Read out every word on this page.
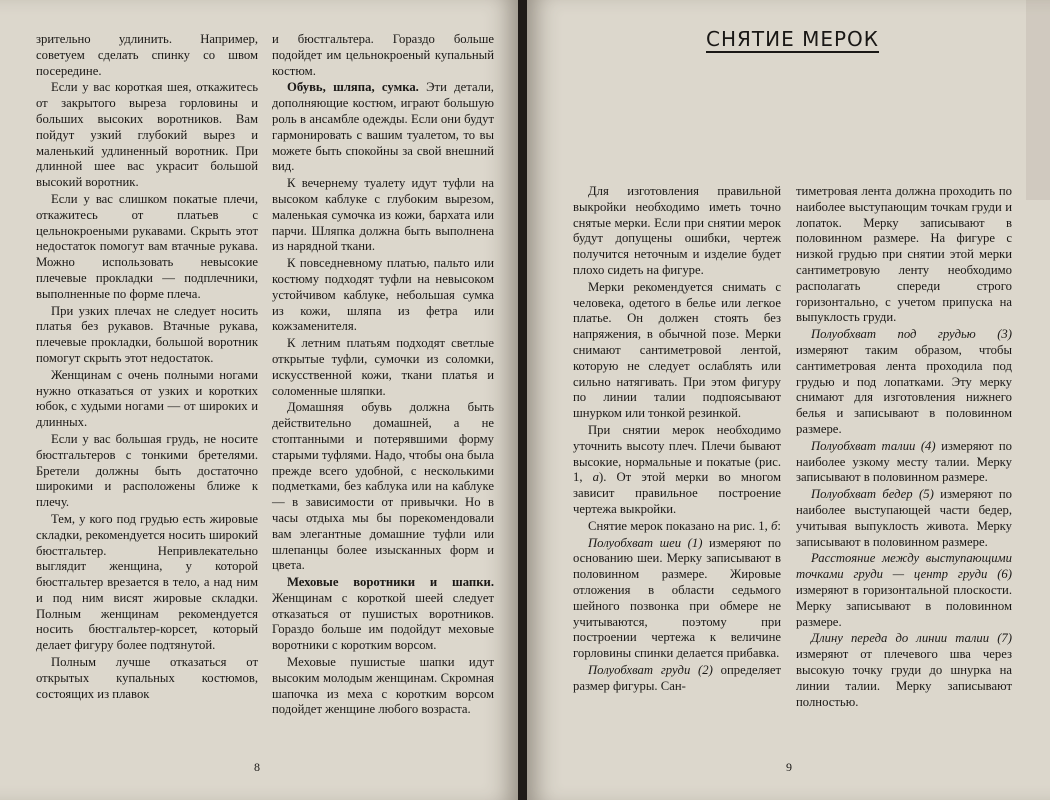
зрительно удлинить. Например, советуем сделать спинку со швом посередине.

Если у вас короткая шея, откажитесь от закрытого выреза горловины и больших высоких воротников. Вам пойдут узкий глубокий вырез и маленький удлиненный воротник. При длинной шее вас украсит большой высокий воротник.

Если у вас слишком покатые плечи, откажитесь от платьев с цельнокроеными рукавами. Скрыть этот недостаток помогут вам втачные рукава. Можно использовать невысокие плечевые прокладки — подплечники, выполненные по форме плеча.

При узких плечах не следует носить платья без рукавов. Втачные рукава, плечевые прокладки, большой воротник помогут скрыть этот недостаток.

Женщинам с очень полными ногами нужно отказаться от узких и коротких юбок, с худыми ногами — от широких и длинных.

Если у вас большая грудь, не носите бюстгальтеров с тонкими бретелями. Бретели должны быть достаточно широкими и расположены ближе к плечу.

Тем, у кого под грудью есть жировые складки, рекомендуется носить широкий бюстгальтер. Непривлекательно выглядит женщина, у которой бюстгальтер врезается в тело, а над ним и под ним висят жировые складки. Полным женщинам рекомендуется носить бюстгальтер-корсет, который делает фигуру более подтянутой.

Полным лучше отказаться от открытых купальных костюмов, состоящих из плавок

и бюстгальтера. Гораздо больше подойдет им цельнокроеный купальный костюм.

Обувь, шляпа, сумка. Эти детали, дополняющие костюм, играют большую роль в ансамбле одежды. Если они будут гармонировать с вашим туалетом, то вы можете быть спокойны за свой внешний вид.

К вечернему туалету идут туфли на высоком каблуке с глубоким вырезом, маленькая сумочка из кожи, бархата или парчи. Шляпка должна быть выполнена из нарядной ткани.

К повседневному платью, пальто или костюму подходят туфли на невысоком устойчивом каблуке, небольшая сумка из кожи, шляпа из фетра или кожзаменителя.

К летним платьям подходят светлые открытые туфли, сумочки из соломки, искусственной кожи, ткани платья и соломенные шляпки.

Домашняя обувь должна быть действительно домашней, а не стоптанными и потерявшими форму старыми туфлями. Надо, чтобы она была прежде всего удобной, с несколькими подметками, без каблука или на каблуке — в зависимости от привычки. Но в часы отдыха мы бы порекомендовали вам элегантные домашние туфли или шлепанцы более изысканных форм и цвета.

Меховые воротники и шапки. Женщинам с короткой шеей следует отказаться от пушистых воротников. Гораздо больше им подойдут меховые воротники с коротким ворсом.

Меховые пушистые шапки идут высоким молодым женщинам. Скромная шапочка из меха с коротким ворсом подойдет женщине любого возраста.

8
СНЯТИЕ МЕРОК

Для изготовления правильной выкройки необходимо иметь точно снятые мерки. Если при снятии мерок будут допущены ошибки, чертеж получится неточным и изделие будет плохо сидеть на фигуре.

Мерки рекомендуется снимать с человека, одетого в белье или легкое платье. Он должен стоять без напряжения, в обычной позе. Мерки снимают сантиметровой лентой, которую не следует ослаблять или сильно натягивать. При этом фигуру по линии талии подпоясывают шнурком или тонкой резинкой.

При снятии мерок необходимо уточнить высоту плеч. Плечи бывают высокие, нормальные и покатые (рис. 1, а). От этой мерки во многом зависит правильное построение чертежа выкройки.

Снятие мерок показано на рис. 1, б:

Полуобхват шеи (1) измеряют по основанию шеи. Мерку записывают в половинном размере. Жировые отложения в области седьмого шейного позвонка при обмере не учитываются, поэтому при построении чертежа к величине горловины спинки делается прибавка.

Полуобхват груди (2) определяет размер фигуры. Сан-

тиметровая лента должна проходить по наиболее выступающим точкам груди и лопаток. Мерку записывают в половинном размере. На фигуре с низкой грудью при снятии этой мерки сантиметровую ленту необходимо располагать спереди строго горизонтально, с учетом припуска на выпуклость груди.

Полуобхват под грудью (3) измеряют таким образом, чтобы сантиметровая лента проходила под грудью и под лопатками. Эту мерку снимают для изготовления нижнего белья и записывают в половинном размере.

Полуобхват талии (4) измеряют по наиболее узкому месту талии. Мерку записывают в половинном размере.

Полуобхват бедер (5) измеряют по наиболее выступающей части бедер, учитывая выпуклость живота. Мерку записывают в половинном размере.

Расстояние между выступающими точками груди — центр груди (6) измеряют в горизонтальной плоскости. Мерку записывают в половинном размере.

Длину переда до линии талии (7) измеряют от плечевого шва через высокую точку груди до шнурка на линии талии. Мерку записывают полностью.

9
